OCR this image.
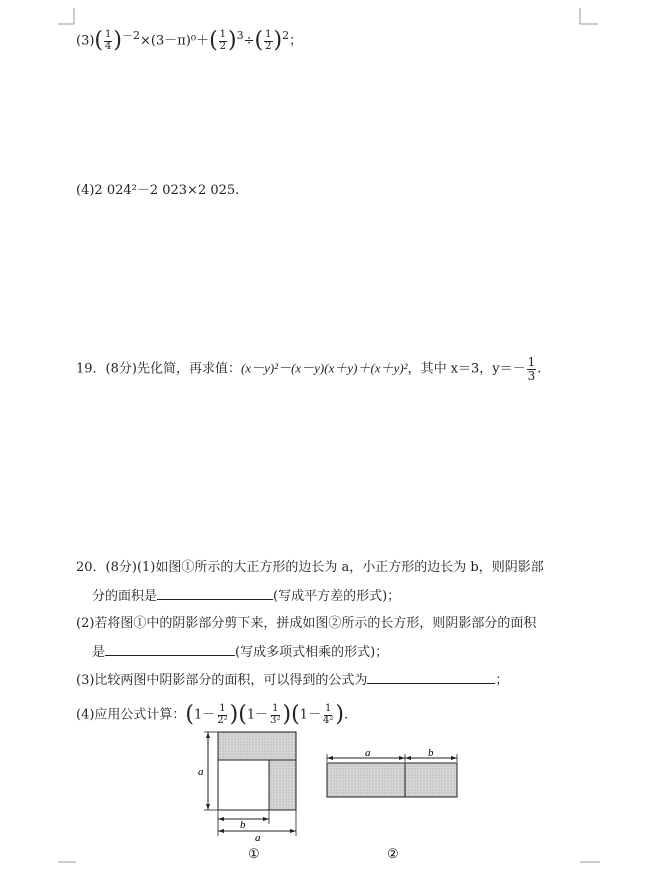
$(3)( \frac{1}{4} )^{-2}\times(3-\pi)^0+( \frac{1}{2} )^3\div( \frac{1}{2} )^2$；
(4)2 024²－2 023×2 025.
19．(8分)先化简，再求值：(x－y)²－(x－y)(x＋y)＋(x＋y)²，其中 x＝3，$y=- \frac{1}{3}$ .
20．(8分)(1)如图①所示的大正方形的边长为 a，小正方形的边长为 b，则阴影部
分的面积是	(写成平方差的形式)；
(2)若将图①中的阴影部分剪下来，拼成如图②所示的长方形，则阴影部分的面积
是	(写成多项式相乘的形式)；
(3)比较两图中阴影部分的面积，可以得到的公式为	；
(4)应用公式计算：$(1- \frac{1}{\text{2²}} )(1- \frac{1}{\text{3²}} )(1- \frac{1}{\text{4²}}$ ).
a
b
a
①
a	b
②
